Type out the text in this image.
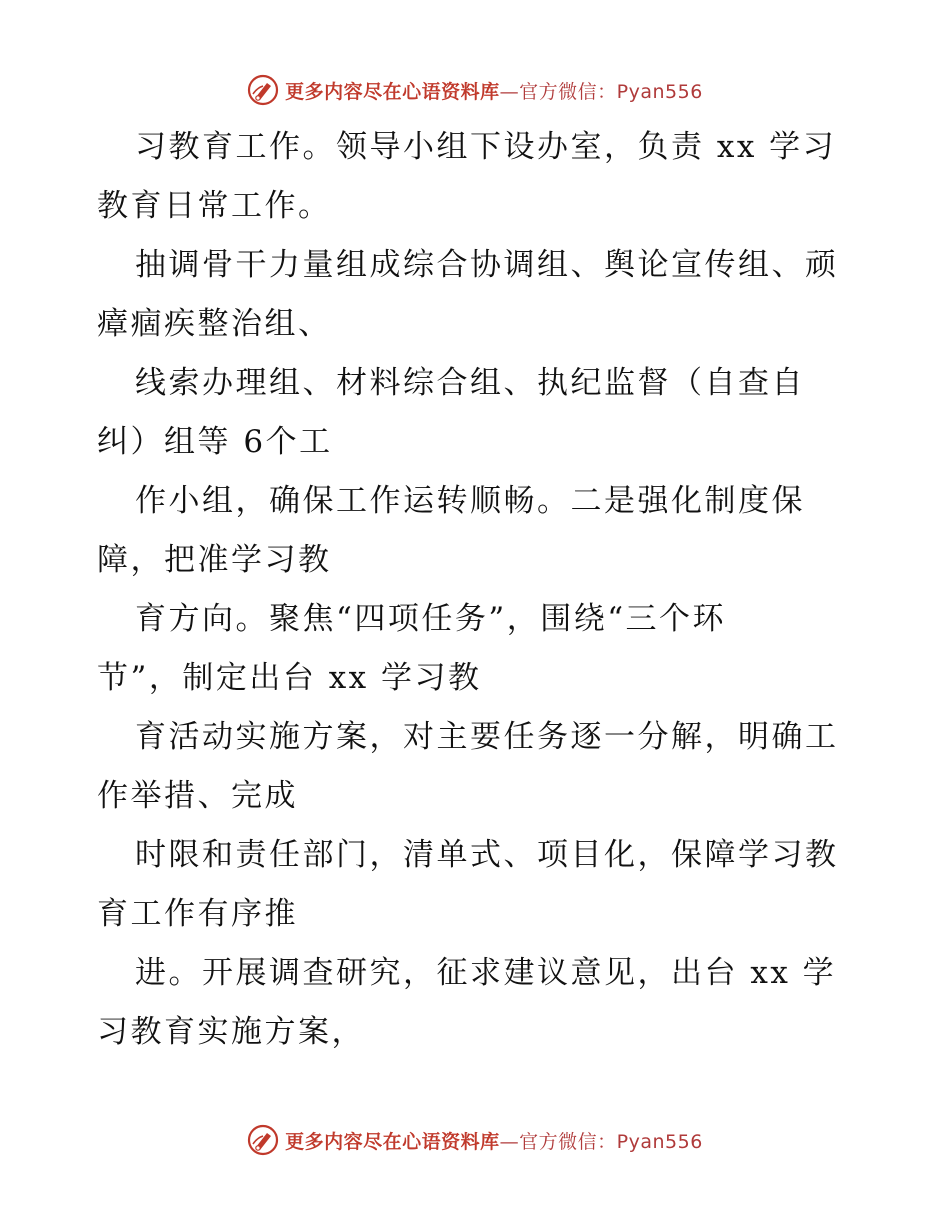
更多内容尽在心语资料库—官方微信：Pyan556
习教育工作。领导小组下设办室，负责 xx 学习
教育日常工作。
抽调骨干力量组成综合协调组、舆论宣传组、顽
瘴痼疾整治组、
线索办理组、材料综合组、执纪监督（自查自
纠）组等 6个工
作小组，确保工作运转顺畅。二是强化制度保
障，把准学习教
育方向。聚焦“四项任务”，围绕“三个环
节”，制定出台 xx 学习教
育活动实施方案，对主要任务逐一分解，明确工
作举措、完成
时限和责任部门，清单式、项目化，保障学习教
育工作有序推
进。开展调查研究，征求建议意见，出台 xx 学
习教育实施方案，
更多内容尽在心语资料库—官方微信：Pyan556
